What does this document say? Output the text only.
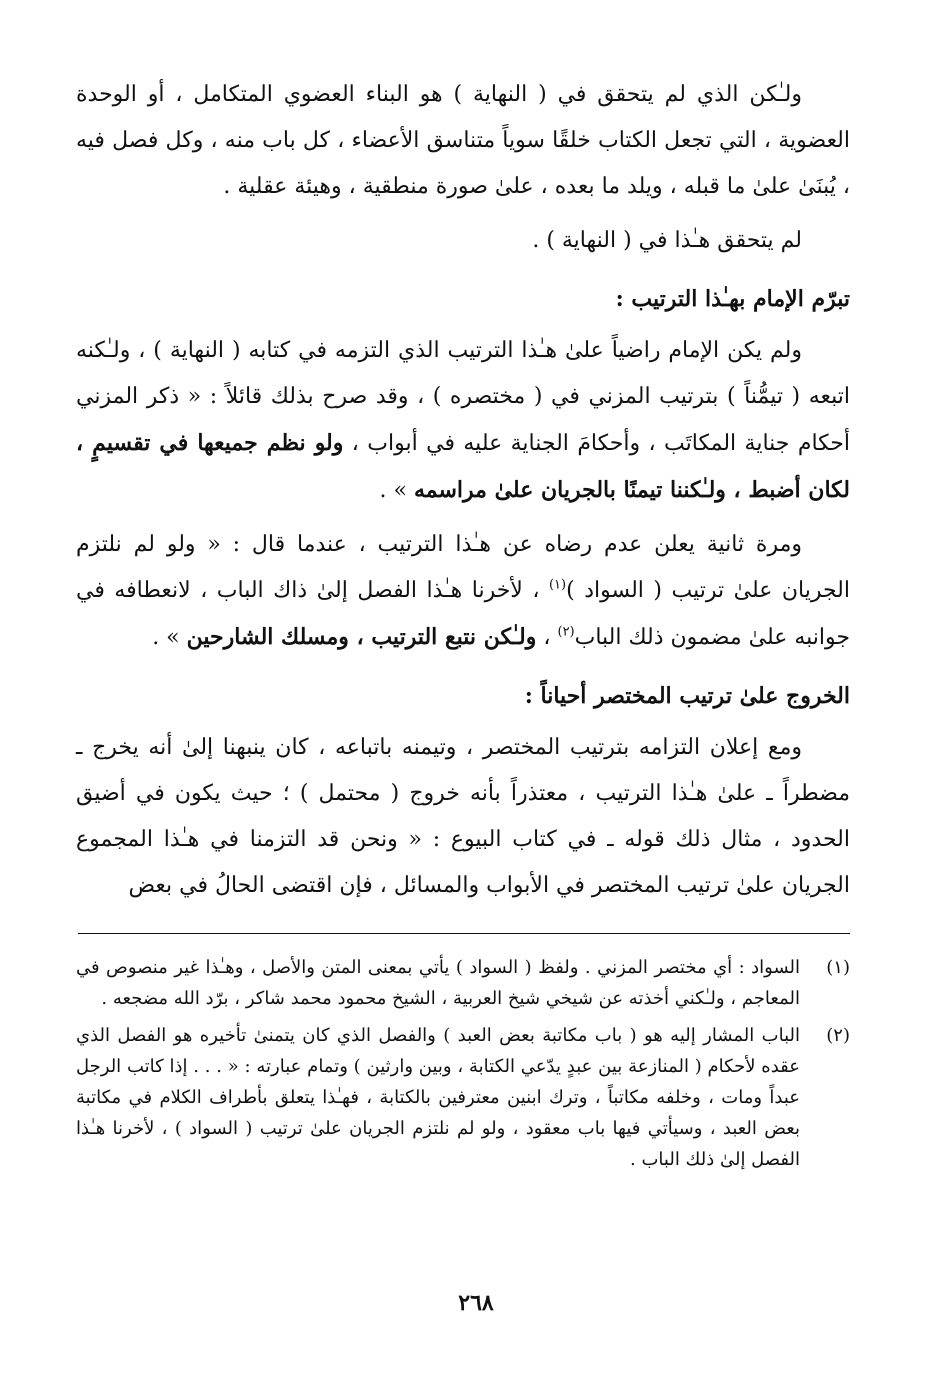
ولـٰكن الذي لم يتحقق في ( النهاية ) هو البناء العضوي المتكامل ، أو الوحدة العضوية ، التي تجعل الكتاب خلقًا سوياً متناسق الأعضاء ، كل باب منه ، وكل فصل فيه ، يُبنَىٰ علىٰ ما قبله ، ويلد ما بعده ، علىٰ صورة منطقية ، وهيئة عقلية .

لم يتحقق هـٰذا في ( النهاية ) .

تبرّم الإمام بهـٰذا الترتيب :

ولم يكن الإمام راضياً علىٰ هـٰذا الترتيب الذي التزمه في كتابه ( النهاية ) ، ولـٰكنه اتبعه ( تيمُّناً ) بترتيب المزني في ( مختصره ) ، وقد صرح بذلك قائلاً : « ذكر المزني أحكام جناية المكاتَب ، وأحكامَ الجناية عليه في أبواب ، ولو نظم جميعها في تقسيمٍ ، لكان أضبط ، ولـٰكننا تيمنًا بالجريان علىٰ مراسمه » .

ومرة ثانية يعلن عدم رضاه عن هـٰذا الترتيب ، عندما قال : « ولو لم نلتزم الجريان علىٰ ترتيب ( السواد )$^{(١)}$ ، لأخرنا هـٰذا الفصل إلىٰ ذاك الباب ، لانعطافه في جوانبه علىٰ مضمون ذلك الباب$^{(٢)}$ ، ولـٰكن نتبع الترتيب ، ومسلك الشارحين » .

الخروج علىٰ ترتيب المختصر أحياناً :

ومع إعلان التزامه بترتيب المختصر ، وتيمنه باتباعه ، كان ينبهنا إلىٰ أنه يخرج ـ مضطراً ـ علىٰ هـٰذا الترتيب ، معتذراً بأنه خروج ( محتمل ) ؛ حيث يكون في أضيق الحدود ، مثال ذلك قوله ـ في كتاب البيوع : « ونحن قد التزمنا في هـٰذا المجموع الجريان علىٰ ترتيب المختصر في الأبواب والمسائل ، فإن اقتضى الحالُ في بعض

(١)
السواد : أي مختصر المزني . ولفظ ( السواد ) يأتي بمعنى المتن والأصل ، وهـٰذا غير منصوص في المعاجم ، ولـٰكني أخذته عن شيخي شيخ العربية ، الشيخ محمود محمد شاكر ، برّد الله مضجعه .
(٢)
الباب المشار إليه هو ( باب مكاتبة بعض العبد ) والفصل الذي كان يتمنىٰ تأخيره هو الفصل الذي عقده لأحكام ( المنازعة بين عبدٍ يدّعي الكتابة ، وبين وارثين ) وتمام عبارته : « . . . إذا كاتب الرجل عبداً ومات ، وخلفه مكاتباً ، وترك ابنين معترفين بالكتابة ، فهـٰذا يتعلق بأطراف الكلام في مكاتبة بعض العبد ، وسيأتي فيها باب معقود ، ولو لم نلتزم الجريان علىٰ ترتيب ( السواد ) ، لأخرنا هـٰذا الفصل إلىٰ ذلك الباب .
٢٦٨
